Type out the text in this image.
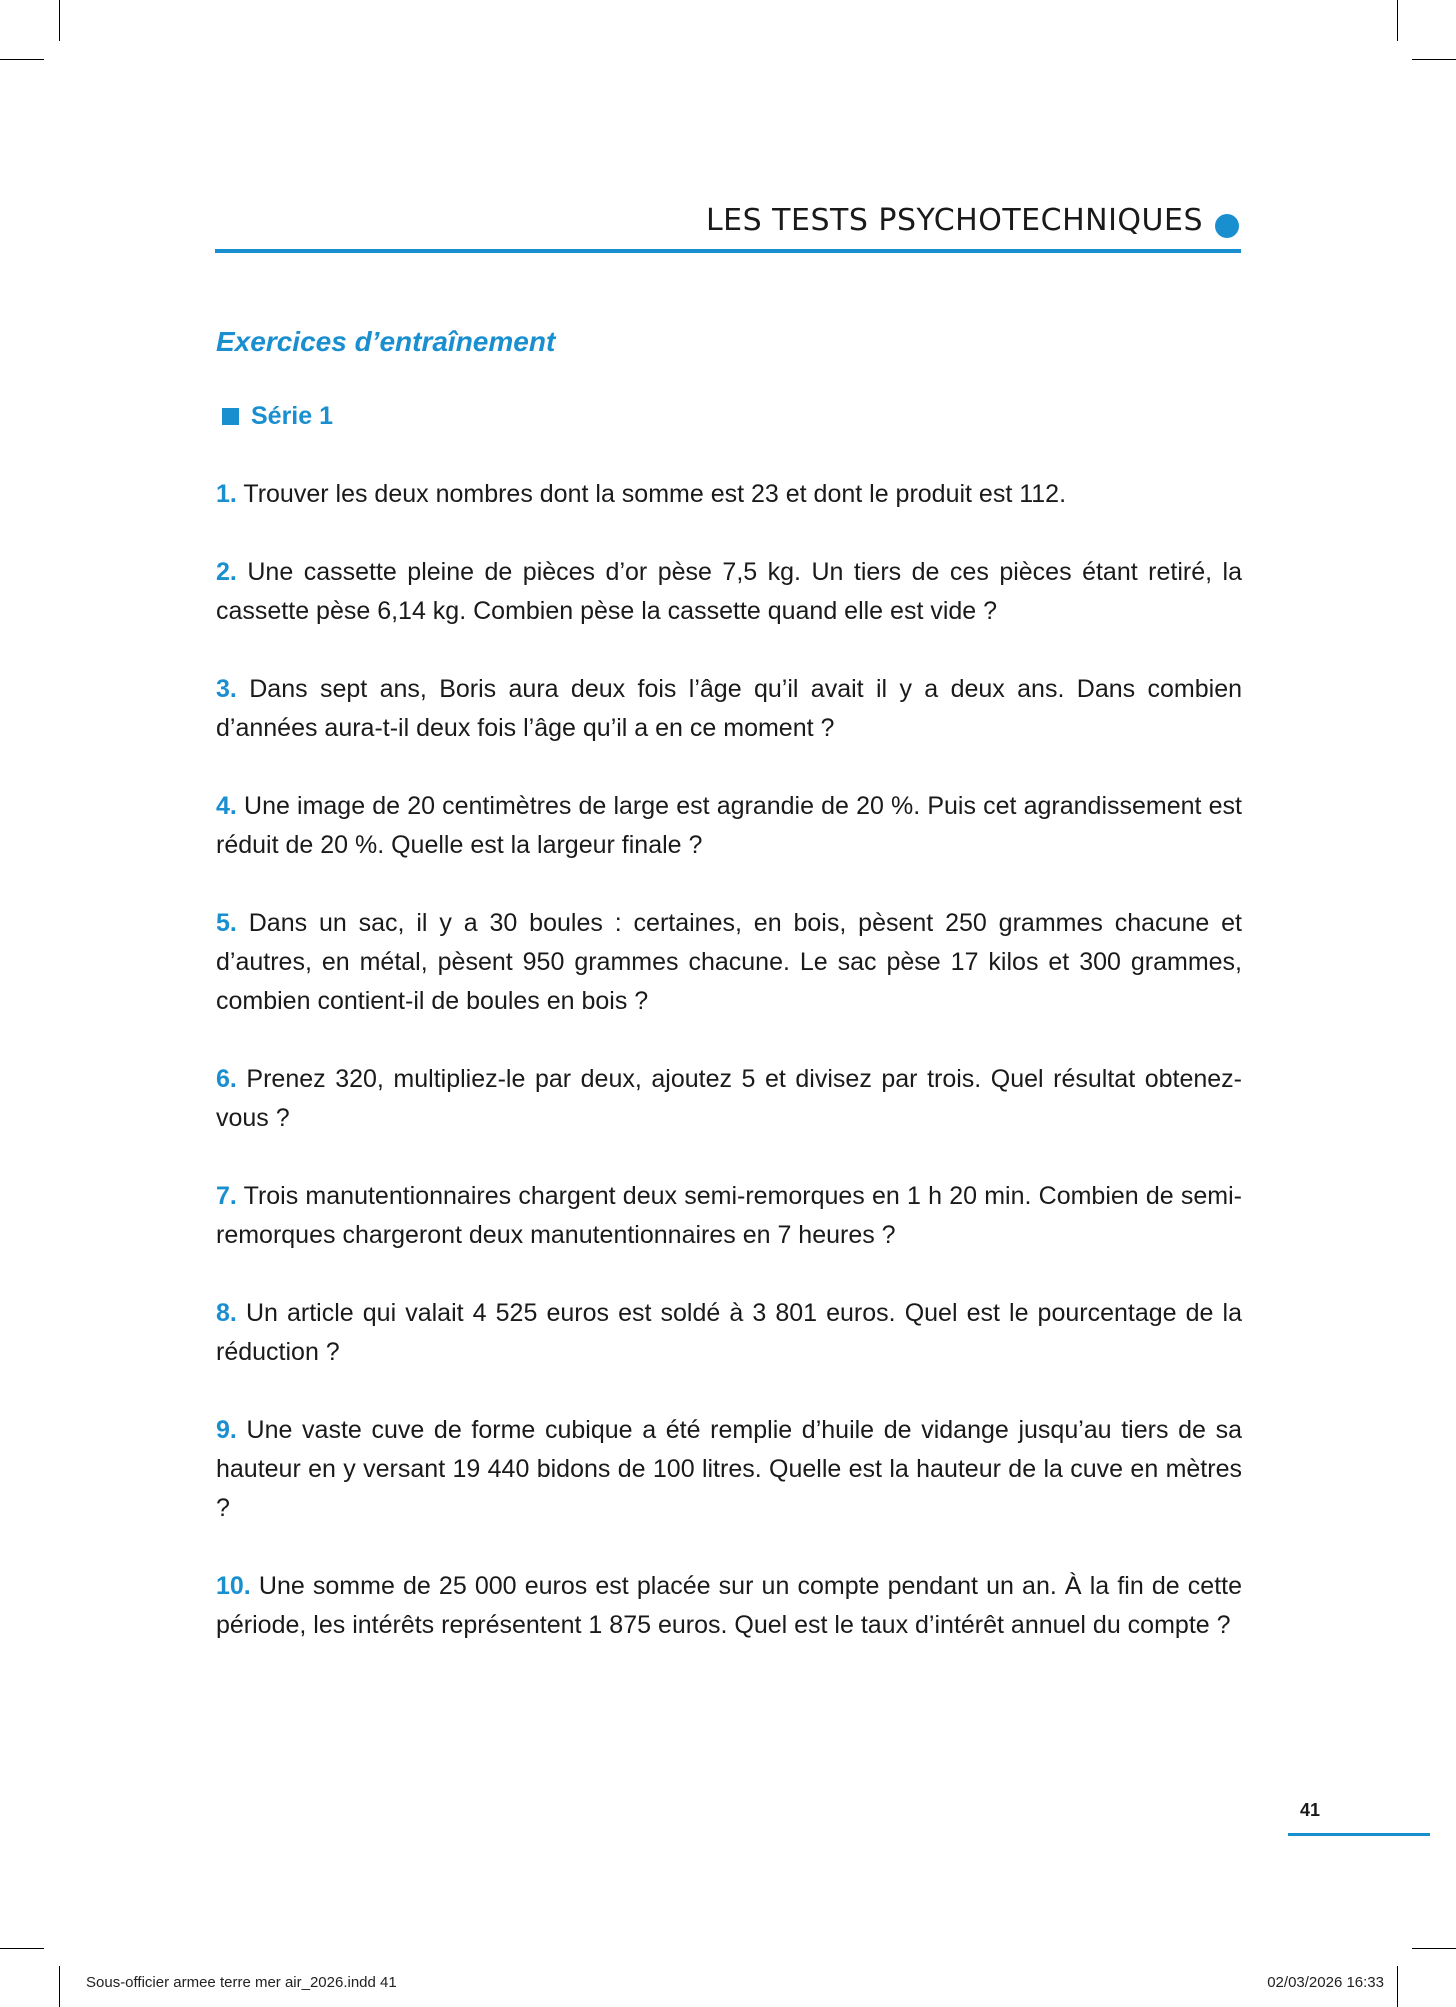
LES TESTS PSYCHOTECHNIQUES
Exercices d’entraînement
Série 1

1. Trouver les deux nombres dont la somme est 23 et dont le produit est 112.

2. Une cassette pleine de pièces d’or pèse 7,5 kg. Un tiers de ces pièces étant retiré, la cassette pèse 6,14 kg. Combien pèse la cassette quand elle est vide ?

3. Dans sept ans, Boris aura deux fois l’âge qu’il avait il y a deux ans. Dans combien d’années aura-t-il deux fois l’âge qu’il a en ce moment ?

4. Une image de 20 centimètres de large est agrandie de 20 %. Puis cet agrandissement est réduit de 20 %. Quelle est la largeur finale ?

5. Dans un sac, il y a 30 boules : certaines, en bois, pèsent 250 grammes chacune et d’autres, en métal, pèsent 950 grammes chacune. Le sac pèse 17 kilos et 300 grammes, combien contient-il de boules en bois ?

6. Prenez 320, multipliez-le par deux, ajoutez 5 et divisez par trois. Quel résultat obtenez-vous ?

7. Trois manutentionnaires chargent deux semi-remorques en 1 h 20 min. Combien de semi-remorques chargeront deux manutentionnaires en 7 heures ?

8. Un article qui valait 4 525 euros est soldé à 3 801 euros. Quel est le pourcentage de la réduction ?

9. Une vaste cuve de forme cubique a été remplie d’huile de vidange jusqu’au tiers de sa hauteur en y versant 19 440 bidons de 100 litres. Quelle est la hauteur de la cuve en mètres ?

10. Une somme de 25 000 euros est placée sur un compte pendant un an. À la fin de cette période, les intérêts représentent 1 875 euros. Quel est le taux d’intérêt annuel du compte ?

41
Sous-officier armee terre mer air_2026.indd 41	02/03/2026 16:33
